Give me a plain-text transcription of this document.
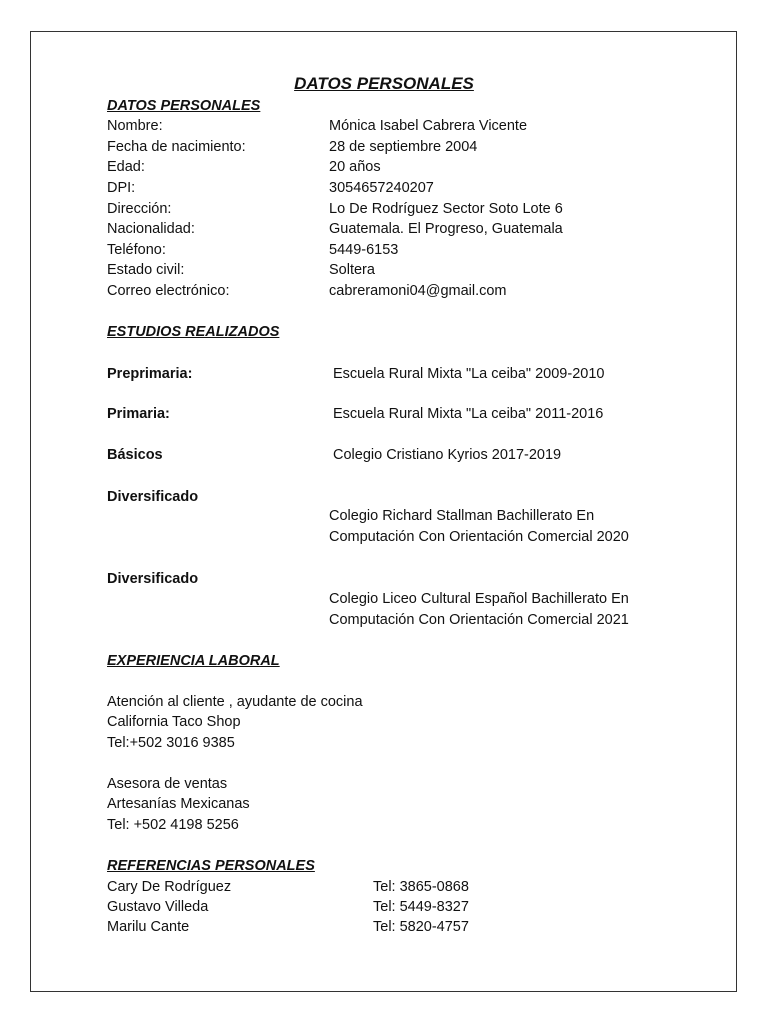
DATOS PERSONALES
DATOS PERSONALES
Nombre:	Mónica Isabel Cabrera Vicente
Fecha de nacimiento:	28 de septiembre 2004
Edad:	20 años
DPI:	3054657240207
Dirección:	Lo De Rodríguez Sector Soto Lote 6
Nacionalidad:	Guatemala. El Progreso, Guatemala
Teléfono:	5449-6153
Estado civil:	Soltera
Correo electrónico:	cabreramoni04@gmail.com
ESTUDIOS REALIZADOS
Preprimaria:	Escuela Rural Mixta "La ceiba" 2009-2010
Primaria:	Escuela Rural Mixta "La ceiba" 2011-2016
Básicos	Colegio Cristiano Kyrios 2017-2019
Diversificado
Colegio Richard Stallman Bachillerato En
Computación Con Orientación Comercial 2020
Diversificado
Colegio Liceo Cultural Español Bachillerato En
Computación Con Orientación Comercial 2021
EXPERIENCIA LABORAL
Atención al cliente , ayudante de cocina
California Taco Shop
Tel:+502 3016 9385
Asesora de ventas
Artesanías Mexicanas
Tel: +502 4198 5256
REFERENCIAS PERSONALES
Cary De Rodríguez	Tel: 3865-0868
Gustavo Villeda	Tel: 5449-8327
Marilu Cante	Tel: 5820-4757
